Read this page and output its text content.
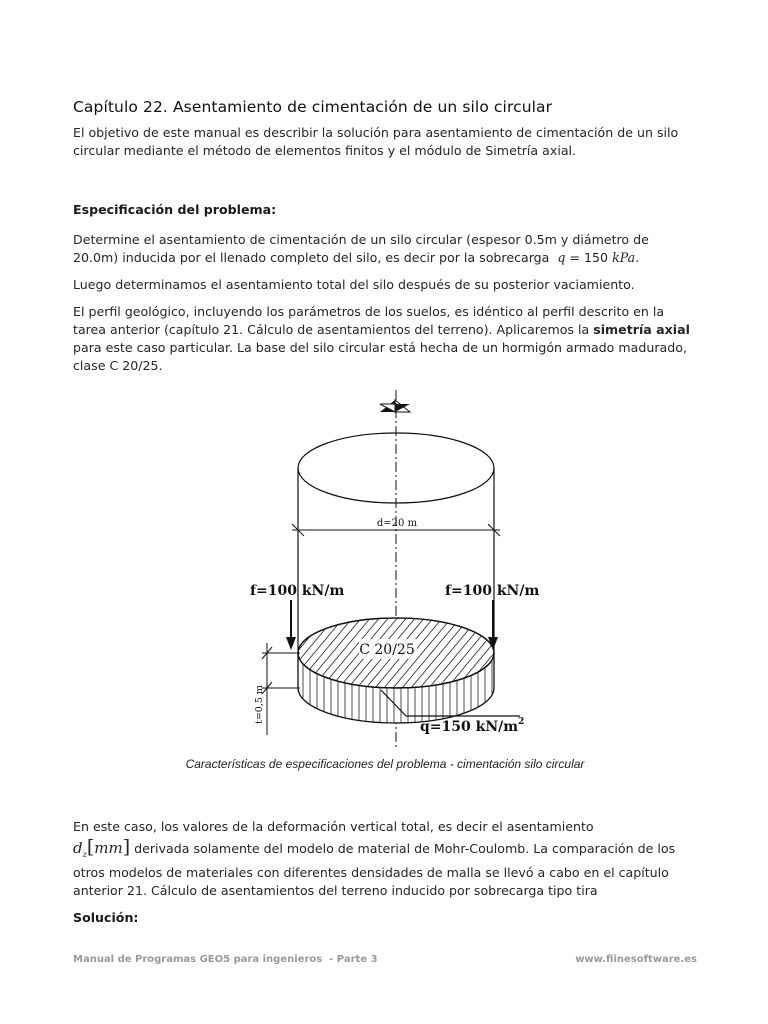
Capítulo 22. Asentamiento de cimentación de un silo circular

El objetivo de este manual es describir la solución para asentamiento de cimentación de un silo circular mediante el método de elementos finitos y el módulo de Simetría axial.

Especificación del problema:

Determine el asentamiento de cimentación de un silo circular (espesor 0.5m y diámetro de 20.0m) inducida por el llenado completo del silo, es decir por la sobrecarga q = 150 kPa.

Luego determinamos el asentamiento total del silo después de su posterior vaciamiento.

El perfil geológico, incluyendo los parámetros de los suelos, es idéntico al perfil descrito en la tarea anterior (capítulo 21. Cálculo de asentamientos del terreno). Aplicaremos la simetría axial para este caso particular. La base del silo circular está hecha de un hormigón armado madurado, clase C 20/25.

Características de especificaciones del problema - cimentación silo circular

En este caso, los valores de la deformación vertical total, es decir el asentamiento

$d_z[mm]$ derivada solamente del modelo de material de Mohr-Coulomb. La comparación de los otros modelos de materiales con diferentes densidades de malla se llevó a cabo en el capítulo anterior 21. Cálculo de asentamientos del terreno inducido por sobrecarga tipo tira

Solución:
d=20 m
C 20/25
f=100 kN/m	f=100 kN/m
t=0,5 m
q=150 $kN/m^2$
Manual de Programas GEO5 para ingenieros  - Parte 3	www.fiinesoftware.es
